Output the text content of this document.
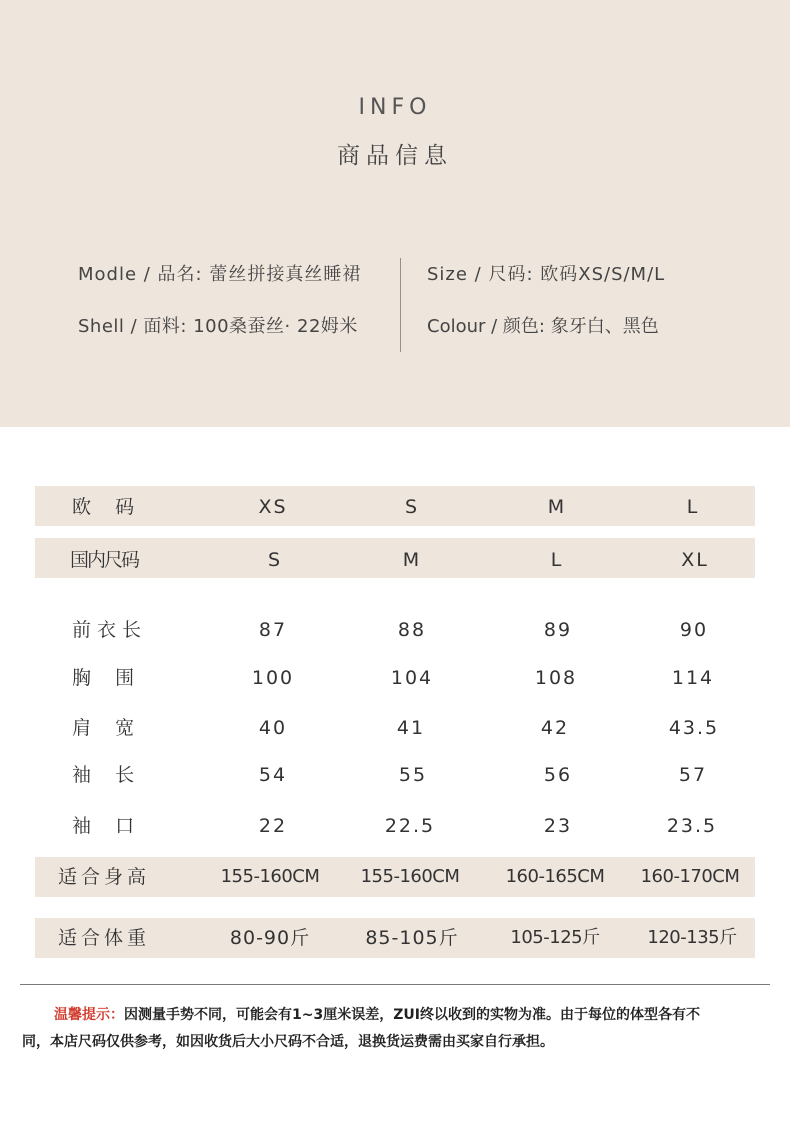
INFO
商品信息
Modle / 品名: 蕾丝拼接真丝睡裙
Shell / 面料: 100桑蚕丝· 22姆米
Size / 尺码: 欧码XS/S/M/L
Colour / 颜色: 象牙白、黑色
欧  码	XS	S	M	L
国内尺码	S	M	L	XL
前衣长	87	88	89	90
胸  围	100	104	108	114
肩  宽	40	41	42	43.5
袖  长	54	55	56	57
袖  口	22	22.5	23	23.5
适合身高	155-160CM	155-160CM	160-165CM	160-170CM
适合体重	80-90斤	85-105斤	105-125斤	120-135斤
温馨提示：因测量手势不同，可能会有1~3厘米误差，ZUI终以收到的实物为准。由于每位的体型各有不
同，本店尺码仅供参考，如因收货后大小尺码不合适，退换货运费需由买家自行承担。
